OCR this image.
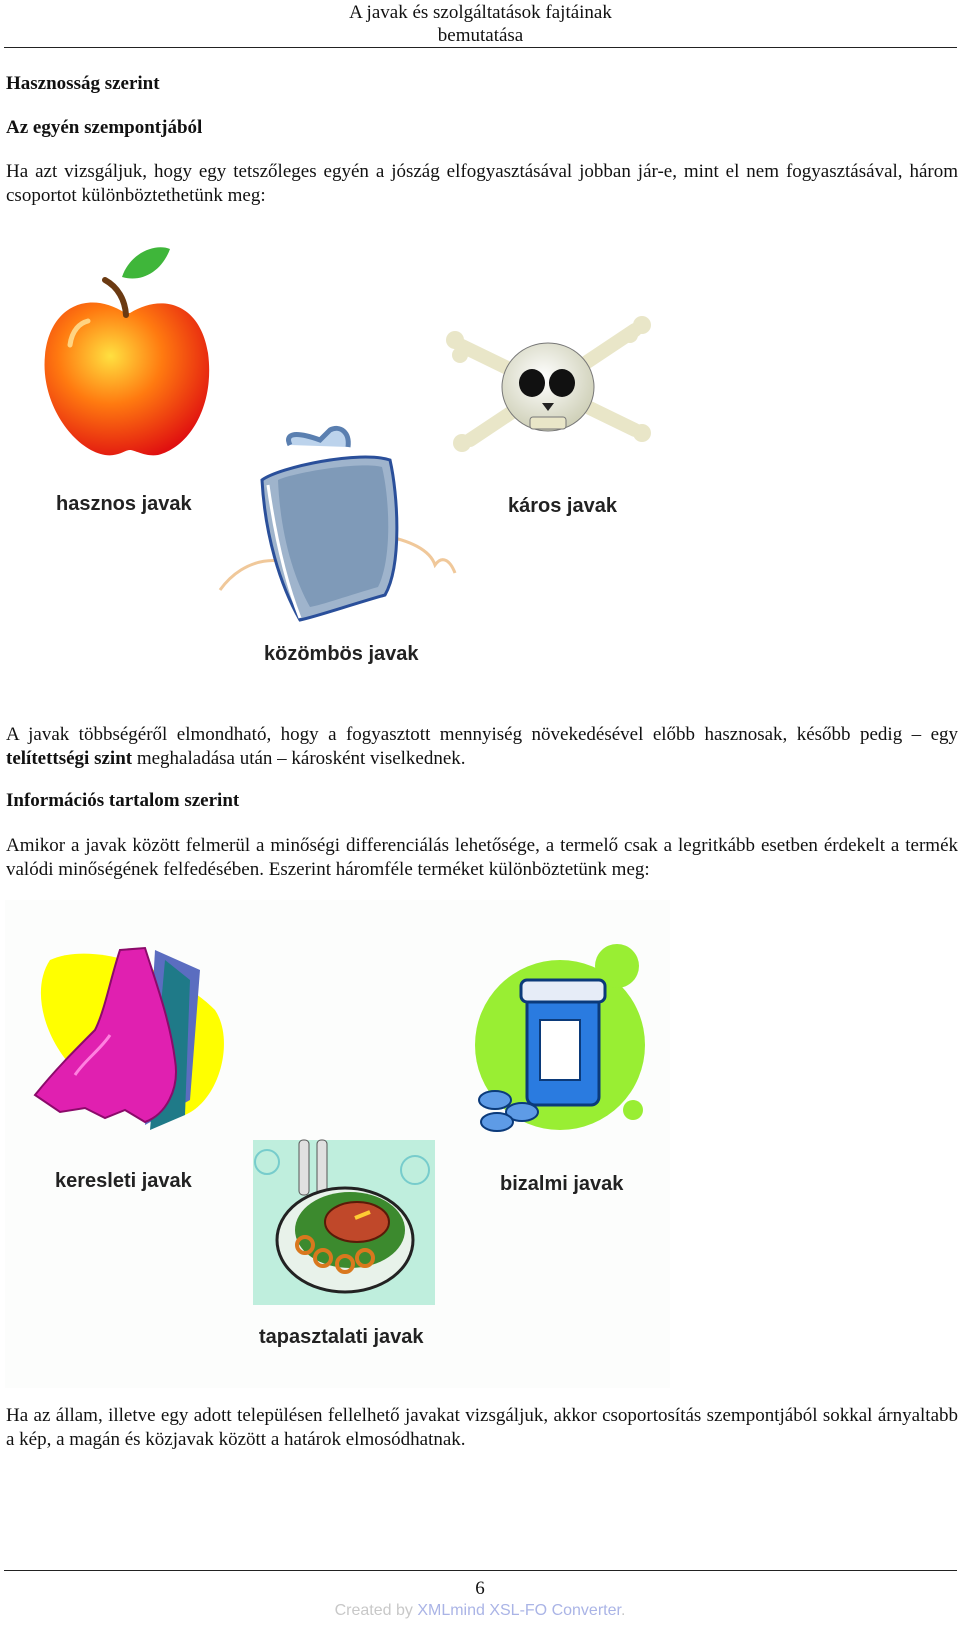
A javak és szolgáltatások fajtáinak
bemutatása
Hasznosság szerint
Az egyén szempontjából
Ha azt vizsgáljuk, hogy egy tetszőleges egyén a jószág elfogyasztásával jobban jár-e, mint el nem fogyasztásával, három csoportot különböztethetünk meg:
hasznos javak	káros javak
közömbös javak
A javak többségéről elmondható, hogy a fogyasztott mennyiség növekedésével előbb hasznosak, később pedig – egy telítettségi szint meghaladása után – károsként viselkednek.
Információs tartalom szerint
Amikor a javak között felmerül a minőségi differenciálás lehetősége, a termelő csak a legritkább esetben érdekelt a termék valódi minőségének felfedésében. Eszerint háromféle terméket különböztetünk meg:
keresleti javak	bizalmi javak
tapasztalati javak
Ha az állam, illetve egy adott településen fellelhető javakat vizsgáljuk, akkor csoportosítás szempontjából sokkal árnyaltabb a kép, a magán és közjavak között a határok elmosódhatnak.
6
Created by XMLmind XSL-FO Converter.
